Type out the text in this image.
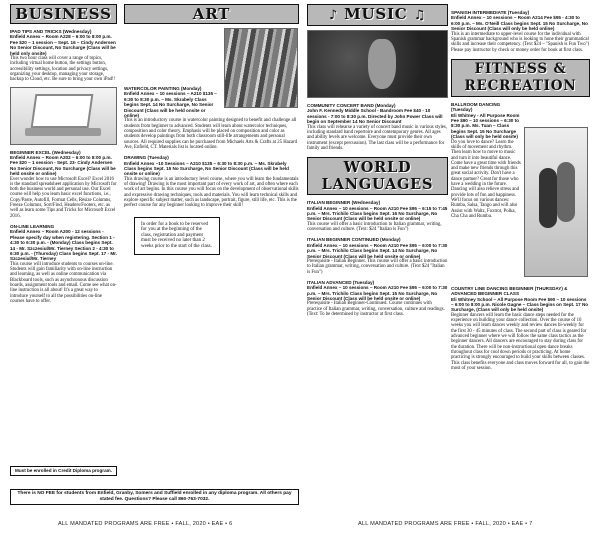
BUSINESS
IPAD TIPS AND TRICKS (Wednesday)
Enfield Annex – Room A228 – 6:00 to 8:00 p.m. Fee $20 – 1 session – Sept. 16 – Cindy Andersen No Senior Discount, No Surcharge (Class will be held only onsite)
This two hour class will cover a range of topics, including virtual home button, the settings button, accessibility settings, location and privacy settings, organizing your desktop, managing your storage, backup to Cloud, etc. Be sure to bring your own iPad!!
BEGINNER EXCEL (Wednesday)
Enfield Annex – Room A202 – 6:00 to 8:00 p.m. Fee $20 – 1 session - Sept. 23- Cindy Andersen No Senior Discount, No Surcharge (Class will be held onsite or online)
Ever wonder how to use Microsoft Excel? Excel 2016 is the standard spreadsheet application by Microsoft for both the business world and personal use. Our Excel course will help you learn basic excel functions, i.e., Copy/Paste, Autofill, Format Cells, Resize Columns, Freeze Columns, Sort/Find, Headers/Footers, etc. as well as learn some Tips and Tricks for Microsoft Excel 2016.
ON-LINE LEARNING
Enfield Annex – Room A200 - 12 sessions - Please specify day when registering. Section 1 - 4:30 to 6:30 p.m. - (Monday) Class begins Sept. 14 - Mr. Szczesiul/Mr. Tierney Section 2 - 4:30 to 6:30 p.m. - (Thursday) Class begins Sept. 17 - Mr. Szczesiul/Mr. Tierney
This course will introduce students to courses on-line. Students will gain familiarity with on-line instruction and learning, as well as online communication via Blackboard tools, such as asynchronous discussion boards, assignment tools and email. Come see what on-line instruction is all about! It's a great way to introduce yourself to all the possibilities on-line courses have to offer.
Must be enrolled in Credit Diploma program.
ART
WATERCOLOR PAINTING (Monday)
Enfield Annex – 10 sessions – A210 $135 – 6:30 to 8:30 p.m. – Ms. Skrabely Class begins Sept. 14 No Surcharge, No Senior Discount (Class will be held onsite or online)
This is an introductory course in watercolor painting designed to benefit and challenge all students from beginner to advanced. Students will learn about watercolor techniques, composition and color theory. Emphasis will be placed on composition and color as students develop paintings from both classroom still-life arrangements and personal sources. All required supplies can be purchased from Michaels Arts & Crafts at 25 Hazard Ave, Enfield, CT. Materials list is located online.
DRAWING (Tuesday)
Enfield Annex –10 Sessions – A210 $135 – 6:30 to 8:30 p.m. – Ms. Skrabely Class begins Sept. 15 No Surcharge, No Senior Discount (Class will be held onsite or online)
This drawing course is an introductory level course, where you will learn the fundamentals of drawing! Drawing is the most important part of every work of art, and often where each work of art begins. In this course you will focus on the development of observational skills and expressive drawing techniques, tools and materials. You will learn technical skills and explore specific subject matter, such as landscape, portrait, figure, still life, etc. This is the perfect course for any beginner looking to improve their skill!
In order for a book to be reserved for you at the beginning of the class, registration and payment must be received no later than 2 weeks prior to the start of the class.
There is NO FEE for students from Enfield, Granby, Somers and Suffield enrolled in any diploma program. All others pay stated fee. Questions? Please call 860-763-7032.
♪ MUSIC ♫
COMMUNITY CONCERT BAND (Monday)
John F. Kennedy Middle School - Bandroom Fee $40 - 10 sessions - 7:00 to 8:30 p.m. Directed by John Power Class will begin on September 14 No Senior Discount
This class will rehearse a variety of concert band music in various styles, including standard band repertoire and contemporary genres. All ages and ability levels are welcome. Everyone must provide their own instrument (except percussion). The last class will be a performance for family and friends.
WORLD LANGUAGES
ITALIAN BEGINNER (Wednesday)
Enfield Annex – 10 sessions – Room A210 Fee $95 – 6:15 to 7:45 p.m. – Mrs. Trichilo Class begins Sept. 16 No Surcharge, No Senior Discount (Class will be held onsite or online)
This course will offer a basic introduction to Italian grammar, writing, conversation and culture. (Text: $24 "Italian is Fun")
ITALIAN BEGINNER CONTINUED (Monday)
Enfield Annex – 10 sessions – Room A210 Fee $95 – 6:00 to 7:30 p.m. – Mrs. Trichilo Class begins Sept. 14 No Surcharge, No Senior Discount (Class will be held onsite or online)
Prerequisite - Italian Beginner. This course will offer a basic introduction to Italian grammar, writing, conversation and culture. (Text $24 "Italian is Fun")
ITALIAN ADVANCED (Tuesday)
Enfield Annex – 10 sessions – Room A210 Fee $95 – 6:00 to 7:30 p.m. – Mrs. Trichilo Class begins Sept. 15 No Surcharge, No Senior Discount (Class will be held onsite or online)
Prerequisite - Italian Beginner-Continued. Course continues with practice of Italian grammar, writing, conversation, culture and readings. (Text: To be determined by instructor at first class.
SPANISH INTERMEDIATE (Tuesday)
Enfield Annex – 10 sessions – Room A214 Fee $95 - 4:30 to 6:00 p.m. – Ms. O'Neill Class begins Sept. 15 No Surcharge, No Senior Discount (Class will only be held online)
This is an intermediate to upper-level course for the individual with Spanish grammar background who is looking to hone their grammatical skills and increase their competency. (Text $24 – "Spanish is Fun Two") Please pay instructor by check or money order for book at first class.
FITNESS & RECREATION
BALLROOM DANCING (Tuesday)
Eli Whitney - All Purpose Room Fee $90 – 10 sessions – 6:30 to 8:30 p.m. Ms. Tuan – Class begins Sept. 15 No Surcharge (Class will only be held onsite)
Do you love to dance? Learn the skills of movement and rhythm. Then learn how to move to music and turn it into beautiful dance. Come have a great time with friends and make new friends through this great social activity. Don't have a dance partner? Great for those who have a wedding in the future. Dancing will also relieve stress and provide lots of fun and happiness. We'll focus on various dances: Rumba, Salsa, Tango and will also Assist with Waltz, Foxtrot, Polka, Cha Cha and Rumba.
COUNTRY LINE DANCING BEGINNER (THURSDAY) & ADVANCED BEGINNER CLASS
Eli Whitney School – All Purpose Room Fee $90 – 10 sessions – 6:00 to 8:00 p.m. Nicole Gagne – Class begins on Sept. 17 No Surcharge, (Class will only be held onsite)
Beginner dancers will learn the basic dance steps needed for the experience on building your dance collection. Over the course of 10 weeks you will learn dances weekly and review dances bi-weekly for the first 30 - 45 minutes of class. The second part of class is geared for advanced beginner where we will follow the same class tactics as the beginner dancers. All dancers are encouraged to stay during class for the duration. There will be non-instructional open dance breaks throughout class for cool down periods or practicing. At home practicing is strongly encouraged to build your skills between classes. This class benefits everyone and class moves forward for all, to gain the most of your session.
ALL MANDATED PROGRAMS ARE FREE • FALL, 2020 • EAE • 6	ALL MANDATED PROGRAMS ARE FREE • FALL, 2020 • EAE • 7
